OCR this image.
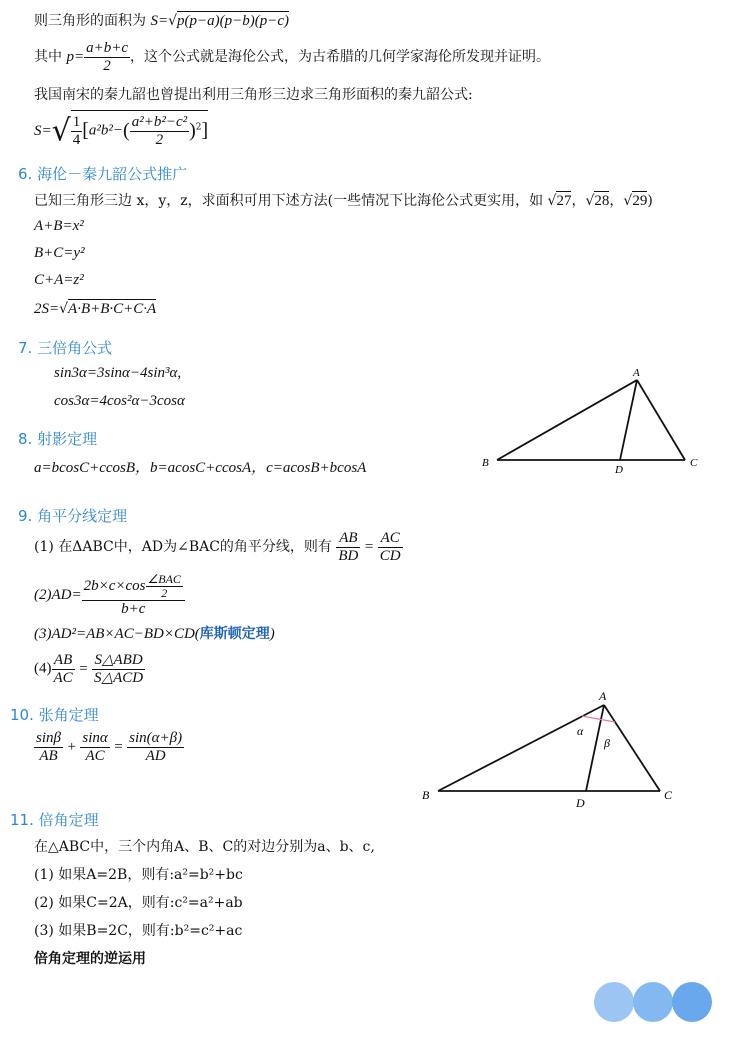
则三角形的面积为 S=√p(p−a)(p−b)(p−c)
其中 $p= \frac{a+b+c}{2}$ ，这个公式就是海伦公式，为古希腊的几何学家海伦所发现并证明。
我国南宋的秦九韶也曾提出利用三角形三边求三角形面积的秦九韶公式:
$S=√ \frac{1}{4} [a^2b^2-( \frac{\text{a²+b²−c²}}{2} )^2]$
6. 海伦－秦九韶公式推广
已知三角形三边 x，y，z，求面积可用下述方法(一些情况下比海伦公式更实用，如 √27，√28，√29)
A+B=x²
B+C=y²
C+A=z²
2S=√A·B+B·C+C·A
7. 三倍角公式
sin3α=3sinα−4sin³α,
cos3α=4cos²α−3cosα
8. 射影定理
a=bcosC+ccosB，b=acosC+ccosA，c=acosB+bcosA
A
B	C
D
9. 角平分线定理
(1) 在ΔABC中，AD为∠BAC的角平分线，则有 $\frac{AB}{BD} = \frac{AC}{CD}$
$(2)AD= \frac{2b\times c\times\cos \frac{\text{∠BAC}}{2}}{b+c}$
(3)AD²=AB×AC−BD×CD(库斯顿定理)
$(4) \frac{AB}{AC} = \frac{\text{S△ABD}}{\text{S△ACD}}$
10. 张角定理
$\frac{\sin\beta}{AB} + \frac{\sin\alpha}{AC} = \frac{\sin(\alpha+\beta)}{AD}$
A
B	C
D
α
β
11. 倍角定理
在△ABC中，三个内角A、B、C的对边分别为a、b、c,
(1) 如果A=2B，则有:a²=b²+bc
(2) 如果C=2A，则有:c²=a²+ab
(3) 如果B=2C，则有:b²=c²+ac
倍角定理的逆运用
